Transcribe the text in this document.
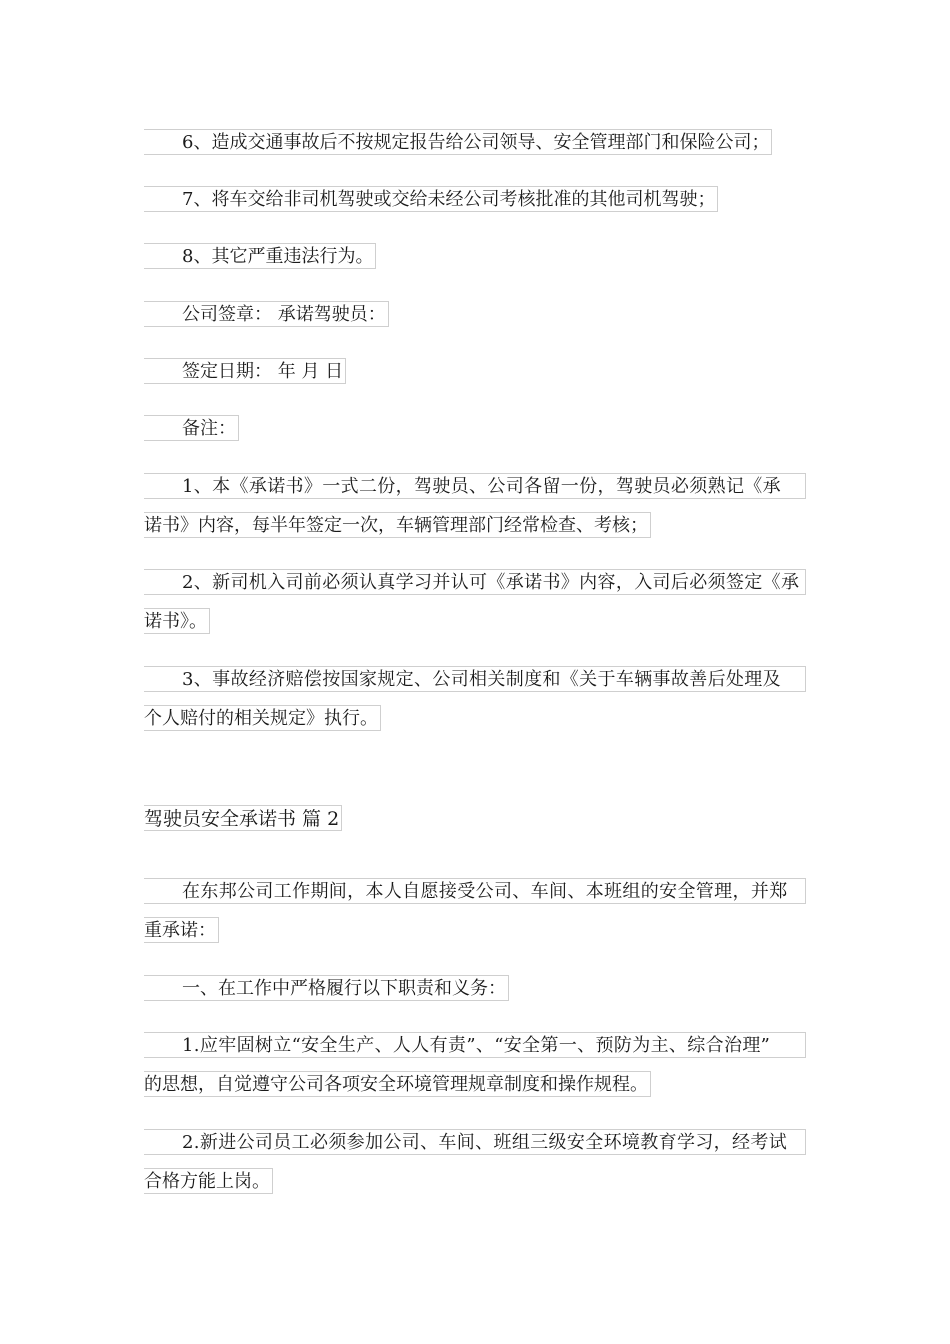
6、造成交通事故后不按规定报告给公司领导、安全管理部门和保险公司；
7、将车交给非司机驾驶或交给未经公司考核批准的其他司机驾驶；
8、其它严重违法行为。
公司签章： 承诺驾驶员：
签定日期： 年 月 日
备注：
1、本《承诺书》一式二份，驾驶员、公司各留一份，驾驶员必须熟记《承
诺书》内容，每半年签定一次，车辆管理部门经常检查、考核；
2、新司机入司前必须认真学习并认可《承诺书》内容，入司后必须签定《承
诺书》。
3、事故经济赔偿按国家规定、公司相关制度和《关于车辆事故善后处理及
个人赔付的相关规定》执行。
驾驶员安全承诺书 篇 2
在东邦公司工作期间，本人自愿接受公司、车间、本班组的安全管理，并郑
重承诺：
一、在工作中严格履行以下职责和义务：
1.应牢固树立“安全生产、人人有责”、“安全第一、预防为主、综合治理”
的思想，自觉遵守公司各项安全环境管理规章制度和操作规程。
2.新进公司员工必须参加公司、车间、班组三级安全环境教育学习，经考试
合格方能上岗。
